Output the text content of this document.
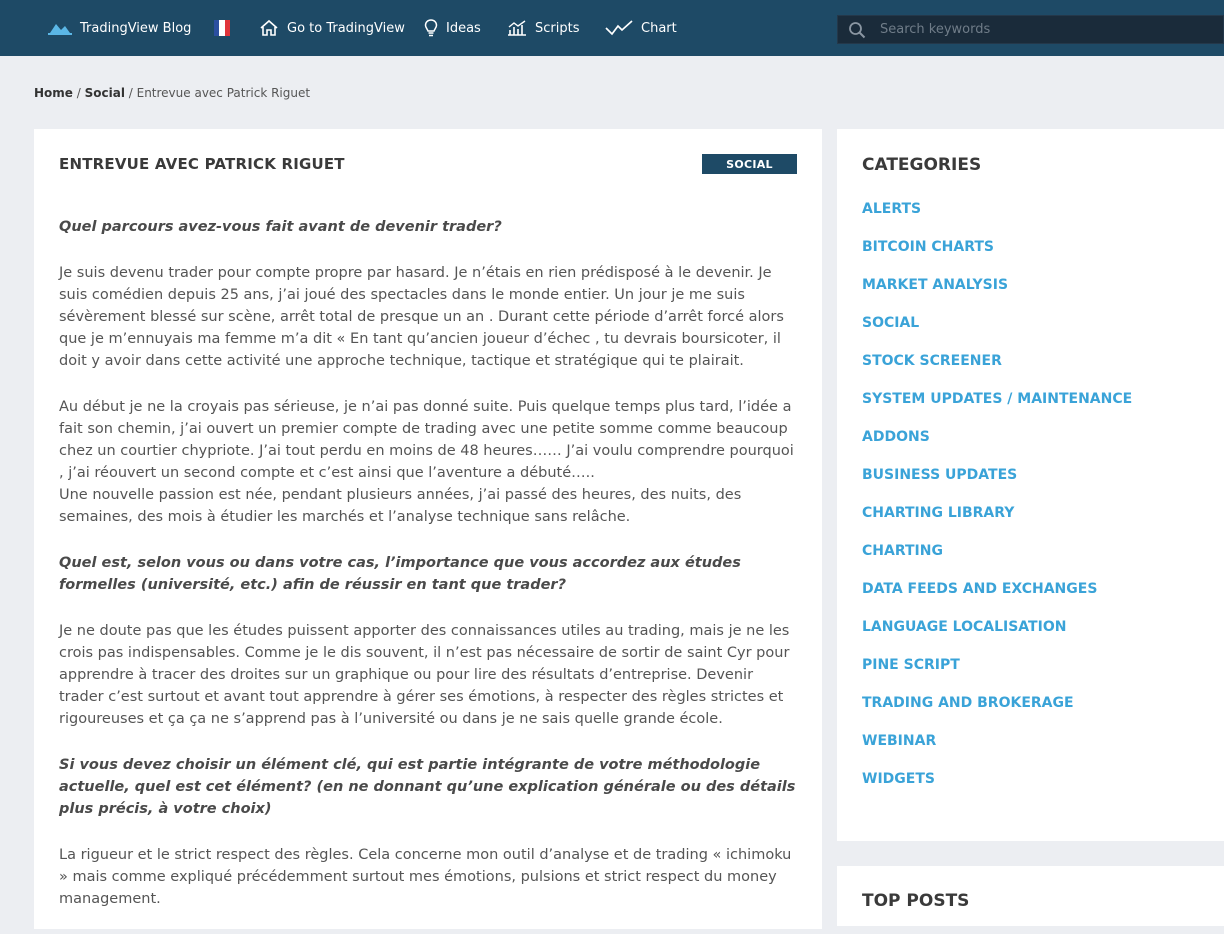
TradingView Blog	Go to TradingView	Ideas	Scripts	Chart
Search keywords
Home / Social / Entrevue avec Patrick Riguet
ENTREVUE AVEC PATRICK RIGUET	SOCIAL

Quel parcours avez-vous fait avant de devenir trader?

Je suis devenu trader pour compte propre par hasard. Je n’étais en rien prédisposé à le devenir. Je suis comédien depuis 25 ans, j’ai joué des spectacles dans le monde entier. Un jour je me suis sévèrement blessé sur scène, arrêt total de presque un an . Durant cette période d’arrêt forcé alors que je m’ennuyais ma femme m’a dit « En tant qu’ancien joueur d’échec , tu devrais boursicoter, il doit y avoir dans cette activité une approche technique, tactique et stratégique qui te plairait.

Au début je ne la croyais pas sérieuse, je n’ai pas donné suite. Puis quelque temps plus tard, l’idée a fait son chemin, j’ai ouvert un premier compte de trading avec une petite somme comme beaucoup chez un courtier chypriote. J’ai tout perdu en moins de 48 heures…… J’ai voulu comprendre pourquoi , j’ai réouvert un second compte et c’est ainsi que l’aventure a débuté…..
Une nouvelle passion est née, pendant plusieurs années, j’ai passé des heures, des nuits, des semaines, des mois à étudier les marchés et l’analyse technique sans relâche.

Quel est, selon vous ou dans votre cas, l’importance que vous accordez aux études formelles (université, etc.) afin de réussir en tant que trader?

Je ne doute pas que les études puissent apporter des connaissances utiles au trading, mais je ne les crois pas indispensables. Comme je le dis souvent, il n’est pas nécessaire de sortir de saint Cyr pour apprendre à tracer des droites sur un graphique ou pour lire des résultats d’entreprise. Devenir trader c’est surtout et avant tout apprendre à gérer ses émotions, à respecter des règles strictes et rigoureuses et ça ça ne s’apprend pas à l’université ou dans je ne sais quelle grande école.

Si vous devez choisir un élément clé, qui est partie intégrante de votre méthodologie actuelle, quel est cet élément? (en ne donnant qu’une explication générale ou des détails plus précis, à votre choix)

La rigueur et le strict respect des règles. Cela concerne mon outil d’analyse et de trading « ichimoku » mais comme expliqué précédemment surtout mes émotions, pulsions et strict respect du money management.

CATEGORIES
ALERTS
BITCOIN CHARTS
MARKET ANALYSIS
SOCIAL
STOCK SCREENER
SYSTEM UPDATES / MAINTENANCE
ADDONS
BUSINESS UPDATES
CHARTING LIBRARY
CHARTING
DATA FEEDS AND EXCHANGES
LANGUAGE LOCALISATION
PINE SCRIPT
TRADING AND BROKERAGE
WEBINAR
WIDGETS
TOP POSTS
